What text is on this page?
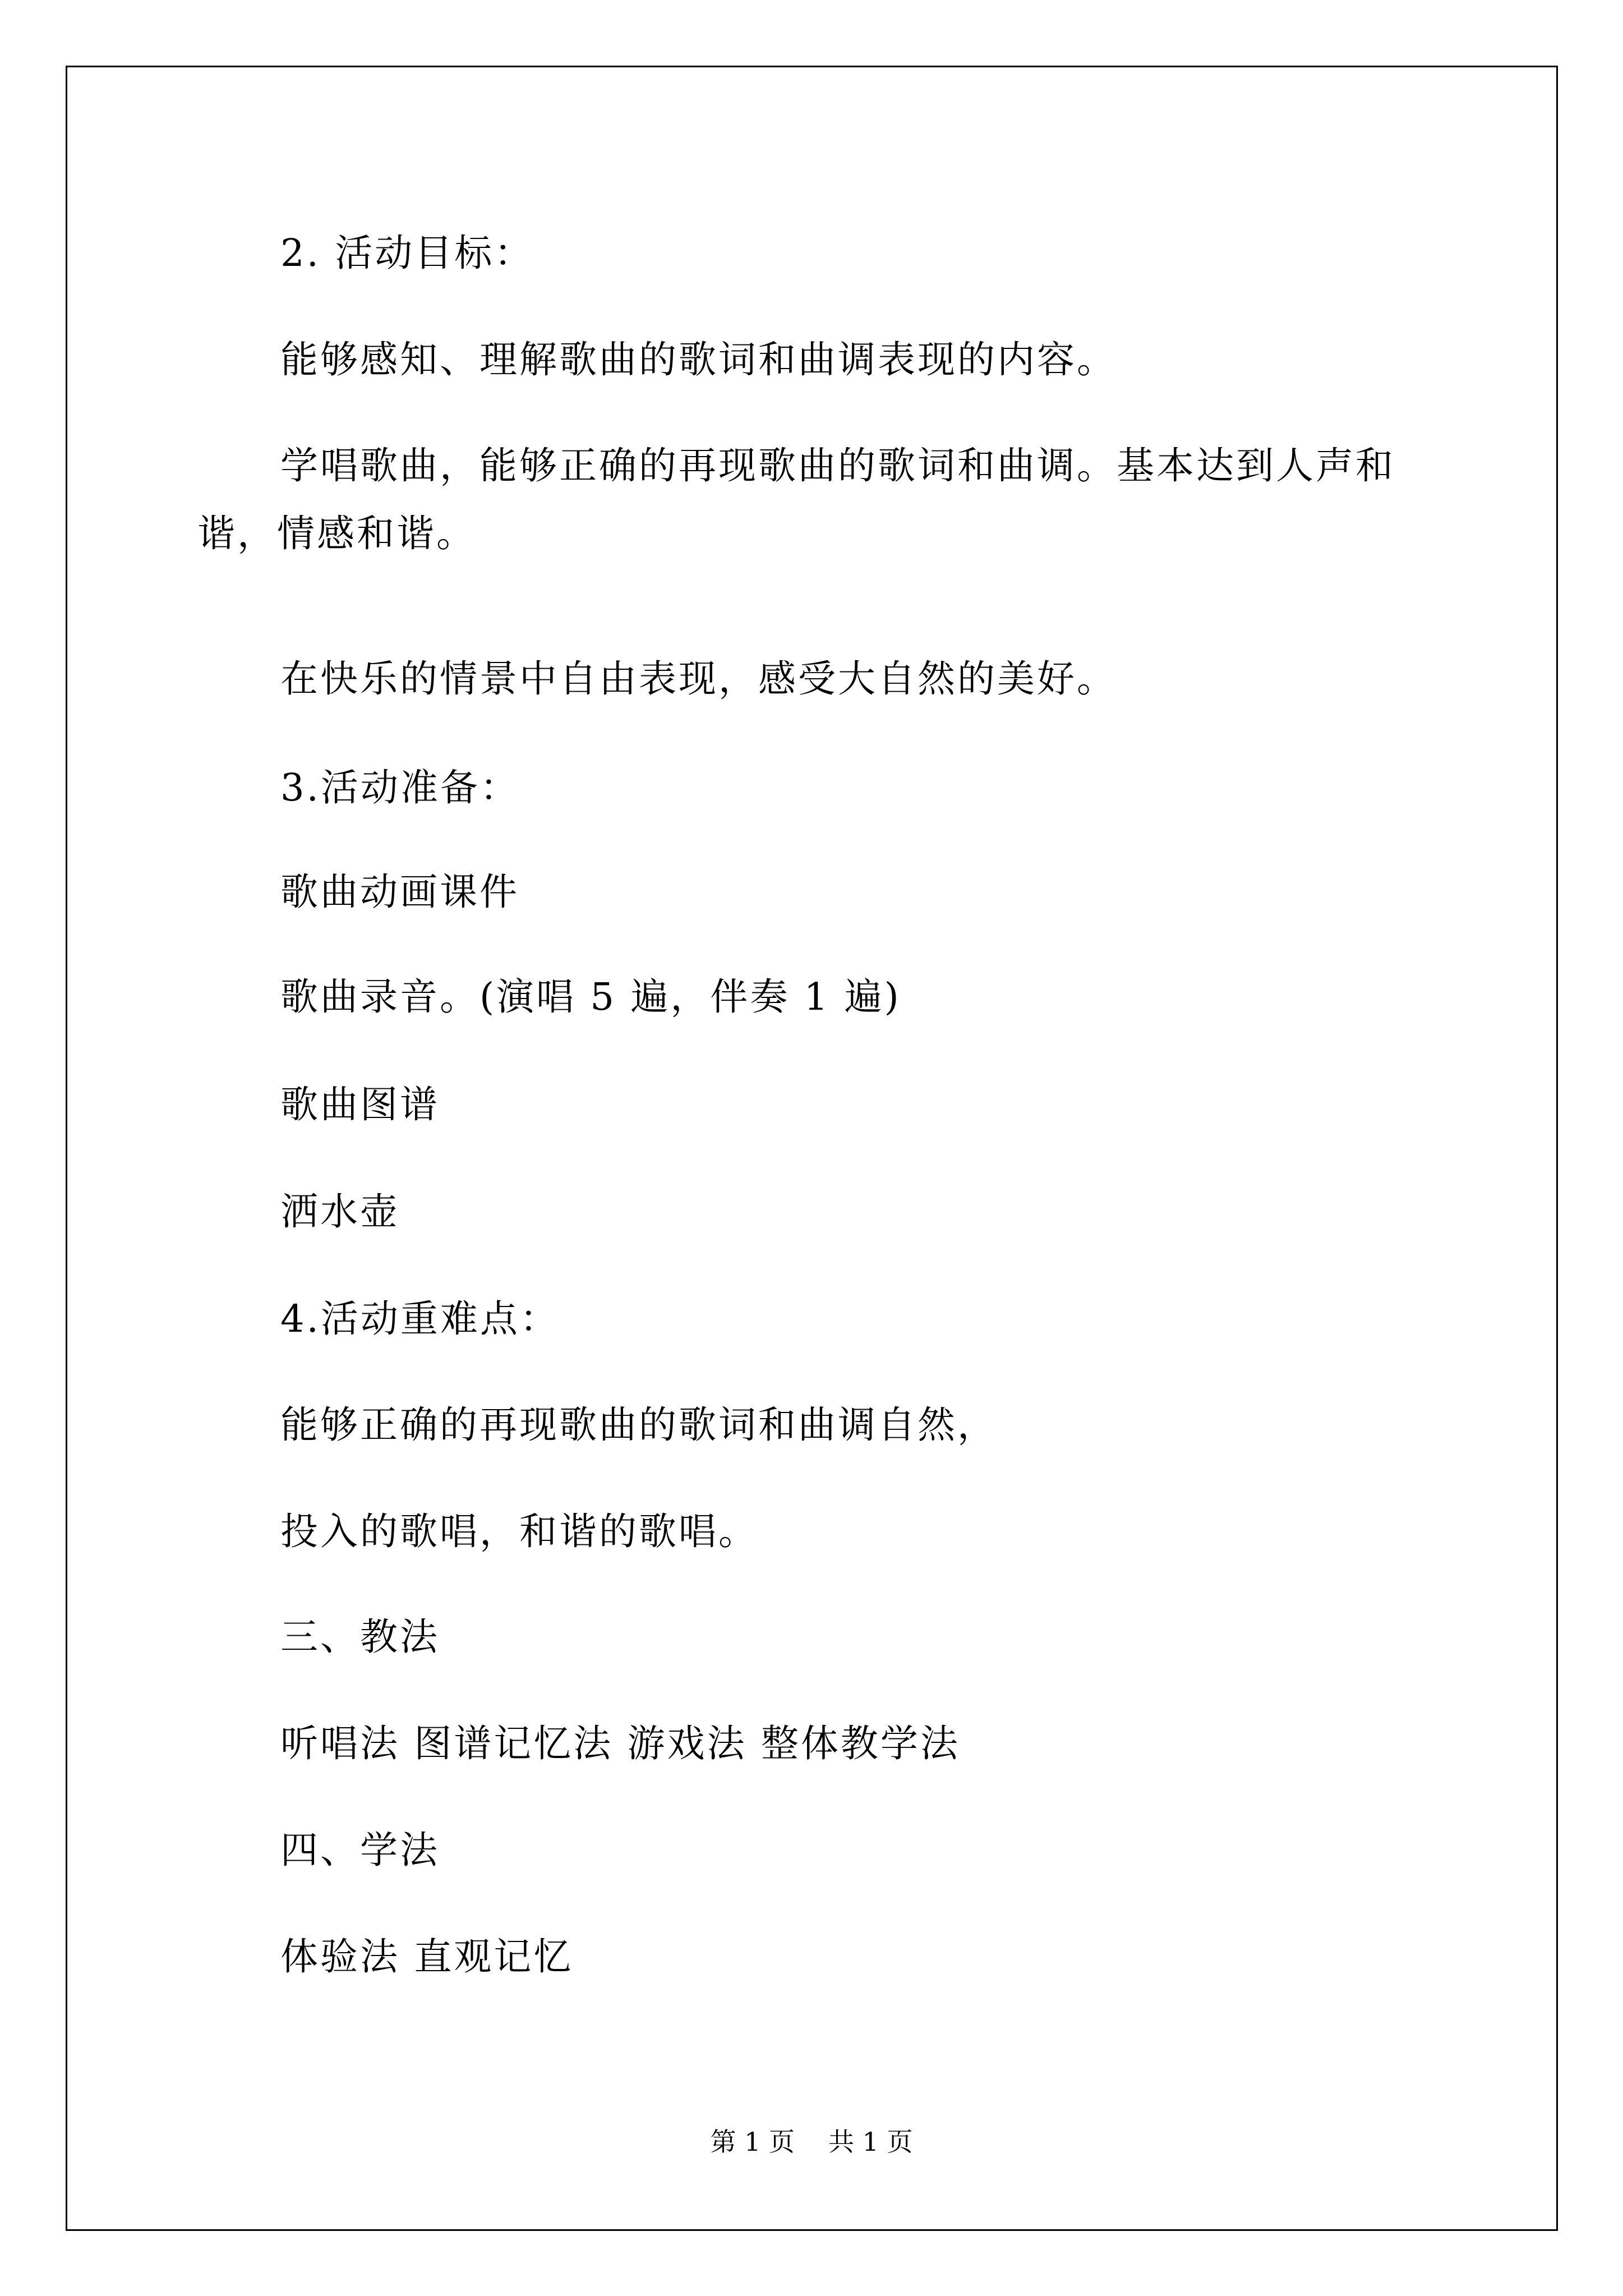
2. 活动目标：
能够感知、理解歌曲的歌词和曲调表现的内容。
学唱歌曲，能够正确的再现歌曲的歌词和曲调。基本达到人声和
谐，情感和谐。
在快乐的情景中自由表现，感受大自然的美好。
3.活动准备：
歌曲动画课件
歌曲录音。(演唱 5 遍，伴奏 1 遍)
歌曲图谱
洒水壶
4.活动重难点：
能够正确的再现歌曲的歌词和曲调自然，
投入的歌唱，和谐的歌唱。
三、教法
听唱法 图谱记忆法 游戏法 整体教学法
四、学法
体验法 直观记忆
第 1 页 共 1 页
